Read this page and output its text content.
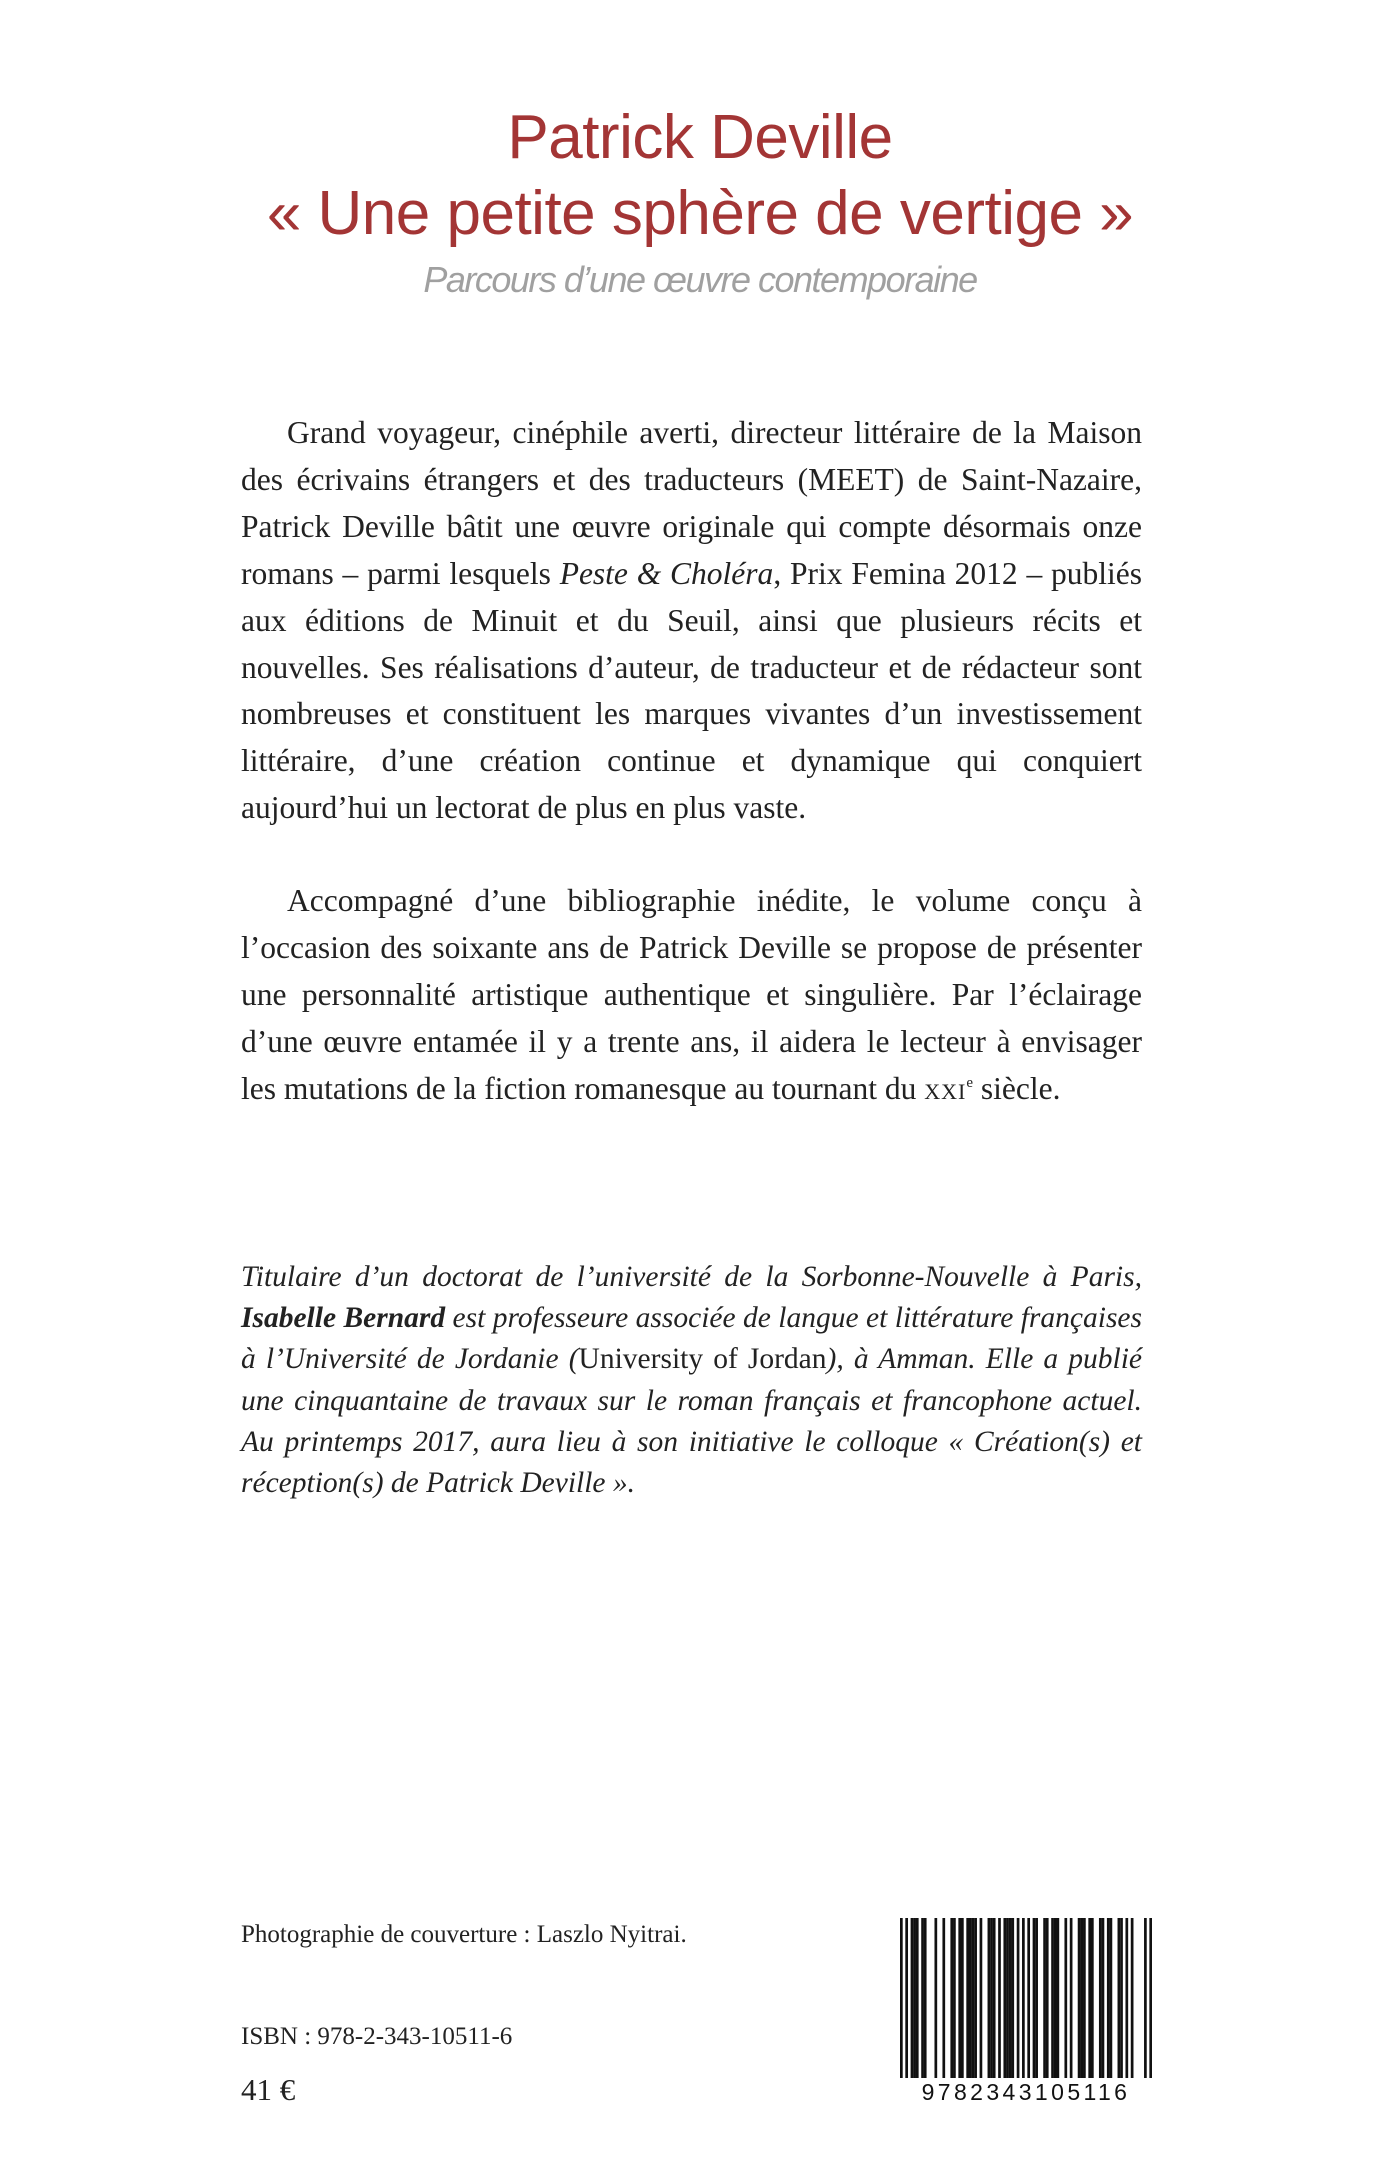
Patrick Deville
« Une petite sphère de vertige »
Parcours d’une œuvre contemporaine

Grand voyageur, cinéphile averti, directeur littéraire de la Maison des écrivains étrangers et des traducteurs (MEET) de Saint-Nazaire, Patrick Deville bâtit une œuvre originale qui compte désormais onze romans – parmi lesquels Peste & Choléra, Prix Femina 2012 – publiés aux éditions de Minuit et du Seuil, ainsi que plusieurs récits et nouvelles. Ses réalisations d’auteur, de traducteur et de rédacteur sont nombreuses et constituent les marques vivantes d’un investissement littéraire, d’une création continue et dynamique qui conquiert aujourd’hui un lectorat de plus en plus vaste.

Accompagné d’une bibliographie inédite, le volume conçu à l’occasion des soixante ans de Patrick Deville se propose de présenter une personnalité artistique authentique et singulière. Par l’éclairage d’une œuvre entamée il y a trente ans, il aidera le lecteur à envisager les mutations de la fiction romanesque au tournant du xxi$^e$ siècle.

Titulaire d’un doctorat de l’université de la Sorbonne-Nouvelle à Paris, Isabelle Bernard est professeure associée de langue et littérature françaises à l’Université de Jordanie (University of Jordan), à Amman. Elle a publié une cinquantaine de travaux sur le roman français et francophone actuel. Au printemps 2017, aura lieu à son initiative le colloque « Création(s) et réception(s) de Patrick Deville ».
Photographie de couverture : Laszlo Nyitrai.
ISBN : 978-2-343-10511-6
41 €	9782343105116
